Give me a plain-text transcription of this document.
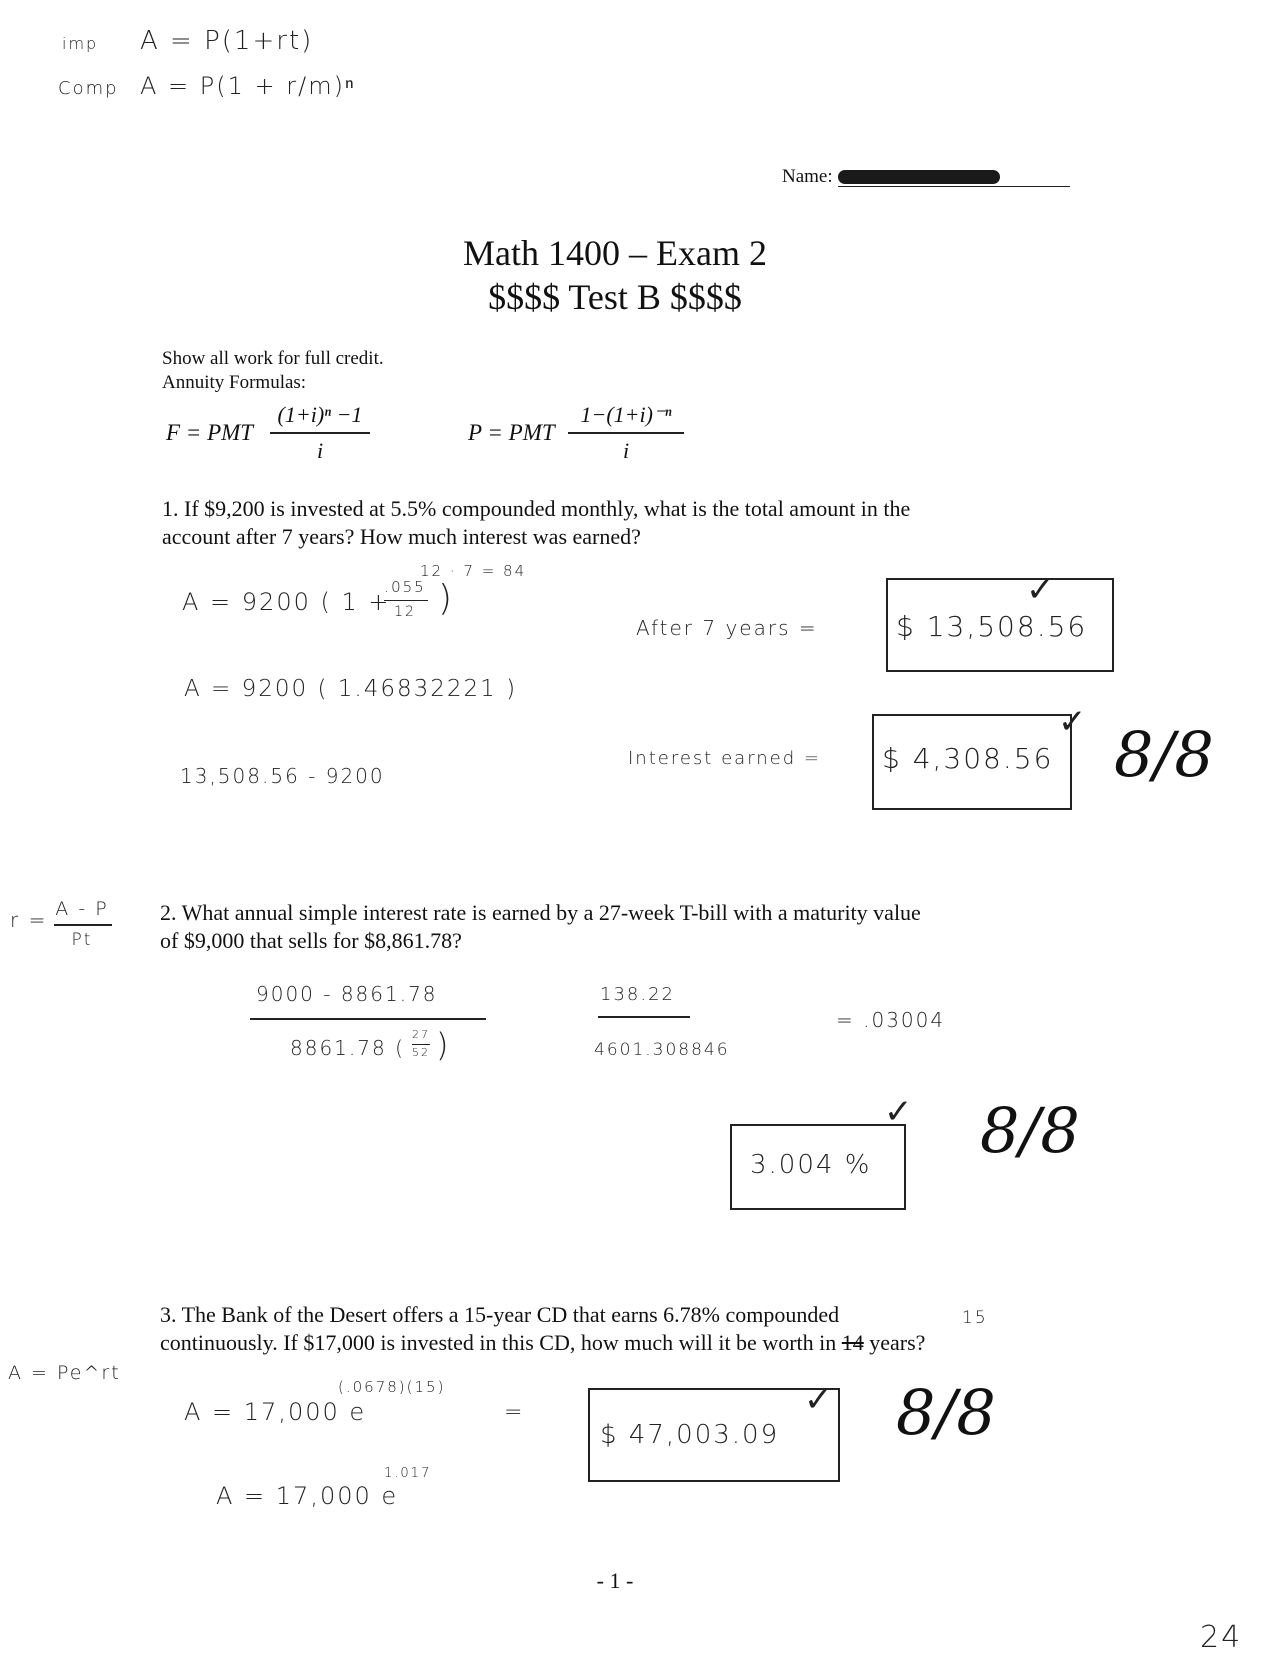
imp A = P(1+rt)
Comp A = P(1 + r/m)ⁿ
Name:
Math 1400 – Exam 2
$$$$ Test B $$$$
Show all work for full credit.
Annuity Formulas:
F = PMT
(1+i)ⁿ −1
i
P = PMT
1−(1+i)⁻ⁿ
i
1. If $9,200 is invested at 5.5% compounded monthly, what is the total amount in the
account after 7 years? How much interest was earned?
12 · 7 = 84
A = 9200 ( 1 +
.055
12 )
A = 9200 ( 1.46832221 )
13,508.56 - 9200
After 7 years =	$ 13,508.56
✓
Interest earned = $ 4,308.56
✓ 8/8
r = A - P
Pt
2. What annual simple interest rate is earned by a 27-week T-bill with a maturity value
of $9,000 that sells for $8,861.78?
9000 - 8861.78
8861.78 (
27
52 )
138.22
4601.308846
= .03004
3.004 %
✓ 8/8
A = Pe^rt
3. The Bank of the Desert offers a 15-year CD that earns 6.78% compounded	15
continuously. If $17,000 is invested in this CD, how much will it be worth in 14 years?
A = 17,000 e
(.0678)(15)
=
A = 17,000 e
1.017
$ 47,003.09
✓ 8/8
- 1 -
24
